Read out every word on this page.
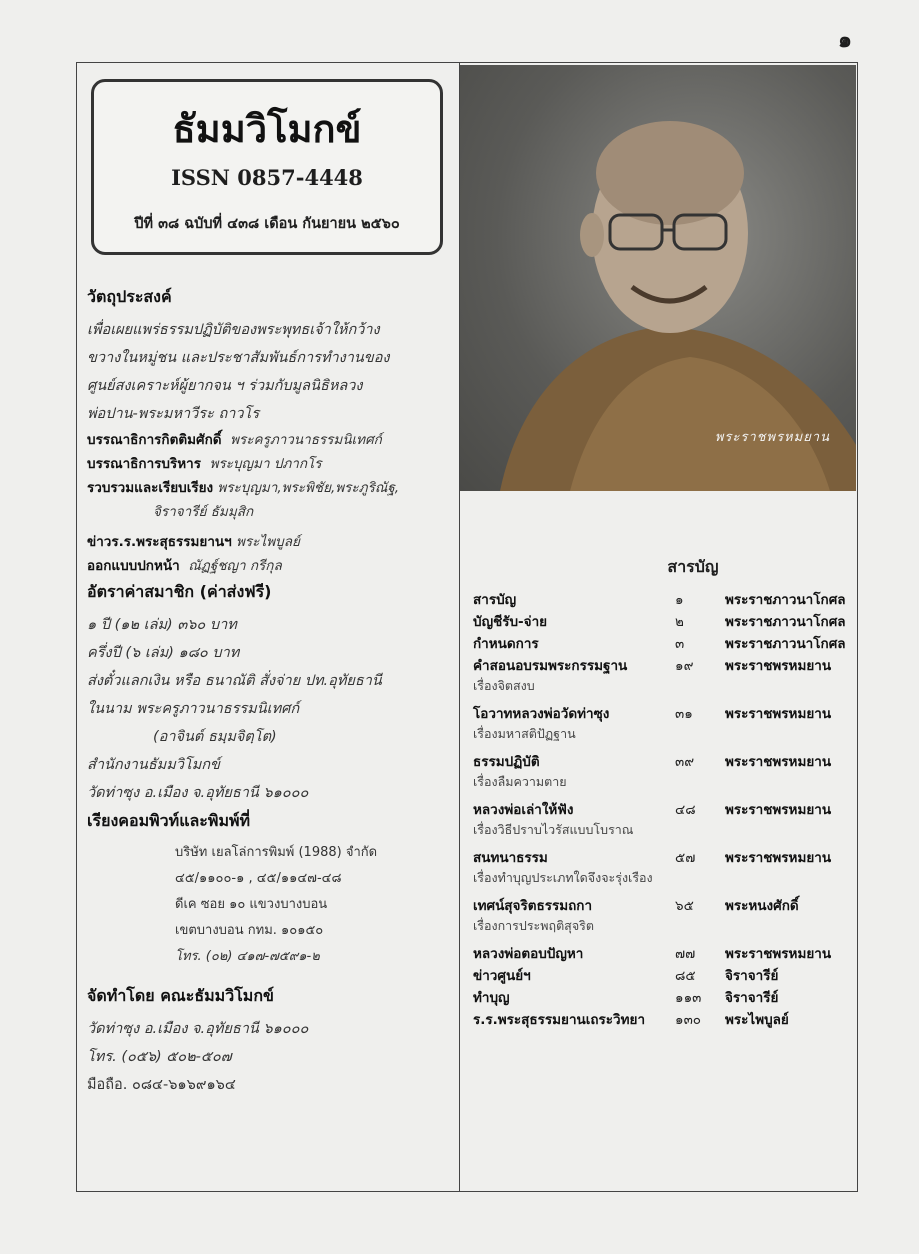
๑
ธัมมวิโมกข์
ISSN 0857-4448
ปีที่ ๓๘ ฉบับที่ ๔๓๘ เดือน กันยายน ๒๕๖๐
วัตถุประสงค์

เพื่อเผยแพร่ธรรมปฏิบัติของพระพุทธเจ้าให้กว้าง

ขวางในหมู่ชน และประชาสัมพันธ์การทำงานของ

ศูนย์สงเคราะห์ผู้ยากจน ฯ ร่วมกับมูลนิธิหลวง

พ่อปาน-พระมหาวีระ ถาวโร

บรรณาธิการกิตติมศักดิ์ พระครูภาวนาธรรมนิเทศก์

บรรณาธิการบริหาร พระบุญมา ปภากโร

รวบรวมและเรียบเรียง พระบุญมา,พระพิชัย,พระภูริณัฐ,

จิราจารีย์ ธัมมุสิก

ข่าวร.ร.พระสุธรรมยานฯ พระไพบูลย์

ออกแบบปกหน้า ณัฏฐ์ชญา กรีกุล

อัตราค่าสมาชิก (ค่าส่งฟรี)

๑ ปี (๑๒ เล่ม) ๓๖๐ บาท

ครึ่งปี (๖ เล่ม) ๑๘๐ บาท

ส่งตั๋วแลกเงิน หรือ ธนาณัติ สั่งจ่าย ปท.อุทัยธานี

ในนาม พระครูภาวนาธรรมนิเทศก์

(อาจินต์ ธมฺมจิตฺโต)

สำนักงานธัมมวิโมกข์

วัดท่าซุง อ.เมือง จ.อุทัยธานี ๖๑๐๐๐

เรียงคอมพิวท์และพิมพ์ที่
บริษัท เยลโล่การพิมพ์ (1988) จำกัด
๔๕/๑๑๐๐-๑ , ๔๕/๑๑๔๗-๔๘
ดีเค ซอย ๑๐ แขวงบางบอน
เขตบางบอน กทม. ๑๐๑๕๐
โทร. (๐๒) ๔๑๗-๗๕๙๑-๒
จัดทำโดย คณะธัมมวิโมกข์

วัดท่าซุง อ.เมือง จ.อุทัยธานี ๖๑๐๐๐

โทร. (๐๕๖) ๕๐๒-๕๐๗

มือถือ. ๐๘๔-๖๑๖๙๑๖๔

พระราชพรหมยาน
สารบัญ
สารบัญ	๑	พระราชภาวนาโกศล
บัญชีรับ-จ่าย	๒	พระราชภาวนาโกศล
กำหนดการ	๓	พระราชภาวนาโกศล
คำสอนอบรมพระกรรมฐาน	๑๙ พระราชพรหมยาน
เรื่องจิตสงบ
โอวาทหลวงพ่อวัดท่าซุง	๓๑ พระราชพรหมยาน
เรื่องมหาสติปัฏฐาน
ธรรมปฏิบัติ	๓๙ พระราชพรหมยาน
เรื่องลืมความตาย
หลวงพ่อเล่าให้ฟัง	๔๘ พระราชพรหมยาน
เรื่องวิธีปราบไวรัสแบบโบราณ
สนทนาธรรม	๕๗ พระราชพรหมยาน
เรื่องทำบุญประเภทใดจึงจะรุ่งเรือง
เทศน์สุจริตธรรมถกา	๖๕ พระหนงศักดิ์
เรื่องการประพฤติสุจริต
หลวงพ่อตอบปัญหา	๗๗ พระราชพรหมยาน
ข่าวศูนย์ฯ	๘๕ จิราจารีย์
ทำบุญ	๑๑๓ จิราจารีย์
ร.ร.พระสุธรรมยานเถระวิทยา ๑๓๐ พระไพบูลย์
